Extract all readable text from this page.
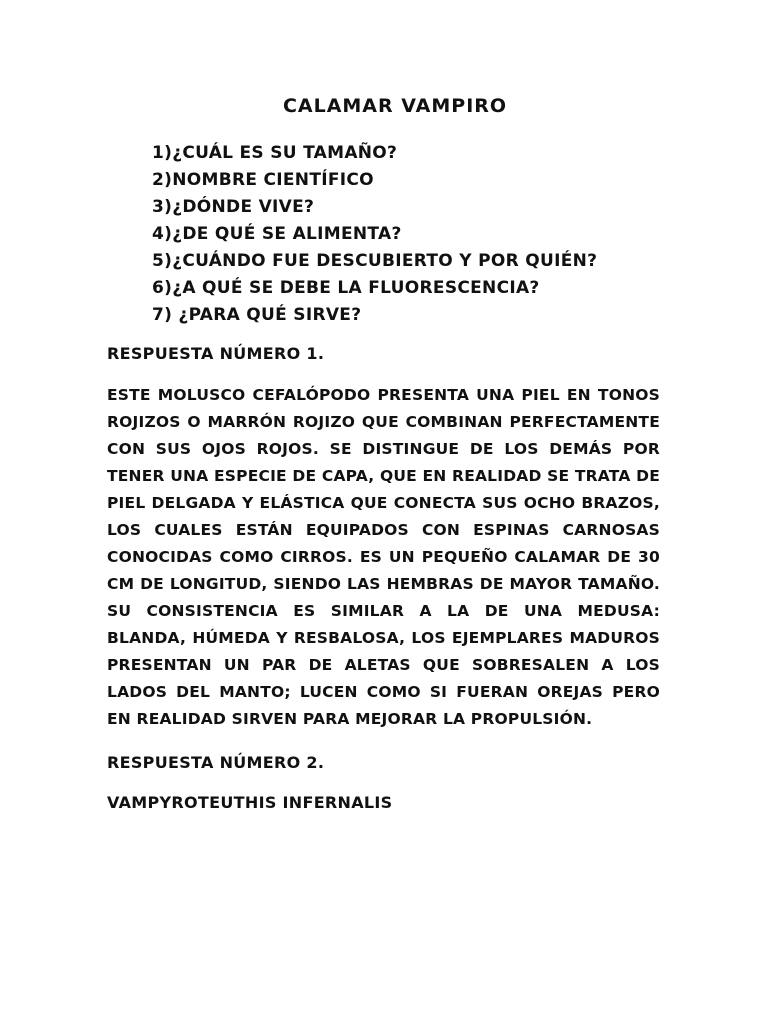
CALAMAR VAMPIRO
1)¿CUÁL ES SU TAMAÑO?
2)NOMBRE CIENTÍFICO
3)¿DÓNDE VIVE?
4)¿DE QUÉ SE ALIMENTA?
5)¿CUÁNDO FUE DESCUBIERTO Y POR QUIÉN?
6)¿A QUÉ SE DEBE LA FLUORESCENCIA?
7) ¿PARA QUÉ SIRVE?
RESPUESTA NÚMERO 1.

ESTE MOLUSCO CEFALÓPODO PRESENTA UNA PIEL EN TONOS ROJIZOS O MARRÓN ROJIZO QUE COMBINAN PERFECTAMENTE CON SUS OJOS ROJOS. SE DISTINGUE DE LOS DEMÁS POR TENER UNA ESPECIE DE CAPA, QUE EN REALIDAD SE TRATA DE PIEL DELGADA Y ELÁSTICA QUE CONECTA SUS OCHO BRAZOS, LOS CUALES ESTÁN EQUIPADOS CON ESPINAS CARNOSAS CONOCIDAS COMO CIRROS. ES UN PEQUEÑO CALAMAR DE 30 CM DE LONGITUD, SIENDO LAS HEMBRAS DE MAYOR TAMAÑO. SU CONSISTENCIA ES SIMILAR A LA DE UNA MEDUSA: BLANDA, HÚMEDA Y RESBALOSA, LOS EJEMPLARES MADUROS PRESENTAN UN PAR DE ALETAS QUE SOBRESALEN A LOS LADOS DEL MANTO; LUCEN COMO SI FUERAN OREJAS PERO EN REALIDAD SIRVEN PARA MEJORAR LA PROPULSIÓN.

RESPUESTA NÚMERO 2.
VAMPYROTEUTHIS INFERNALIS
